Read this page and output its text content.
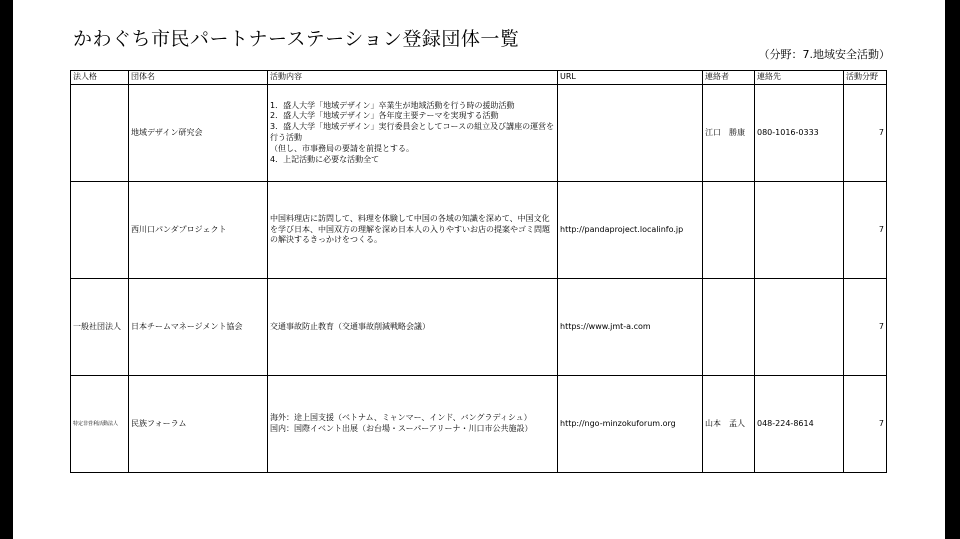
かわぐち市民パートナーステーション登録団体一覧
（分野：7.地域安全活動）
法人格	団体名	活動内容	URL	連絡者	連絡先	活動分野
	地域デザイン研究会	1．盛人大学「地域デザイン」卒業生が地域活動を行う時の援助活動
2．盛人大学「地域デザイン」各年度主要テーマを実現する活動
3．盛人大学「地域デザイン」実行委員会としてコースの組立及び講座の運営を行う活動
（但し、市事務局の要請を前提とする。
4．上記活動に必要な活動全て		江口　勝康	080-1016-0333	7
	西川口パンダプロジェクト	中国料理店に訪問して、料理を体験して中国の各域の知識を深めて、中国文化を学び日本、中国双方の理解を深め日本人の入りやすいお店の提案やゴミ問題の解決するきっかけをつくる。	http://pandaproject.localinfo.jp			7
一般社団法人	日本チームマネージメント協会	交通事故防止教育（交通事故削減戦略会議）	https://www.jmt-a.com			7
特定非営利活動法人	民族フォーラム	海外：途上国支援（ベトナム、ミャンマー、インド、バングラディシュ）
国内：国際イベント出展（お台場・スーパーアリーナ・川口市公共施設）	http://ngo-minzokuforum.org	山本　孟人	048-224-8614	7
